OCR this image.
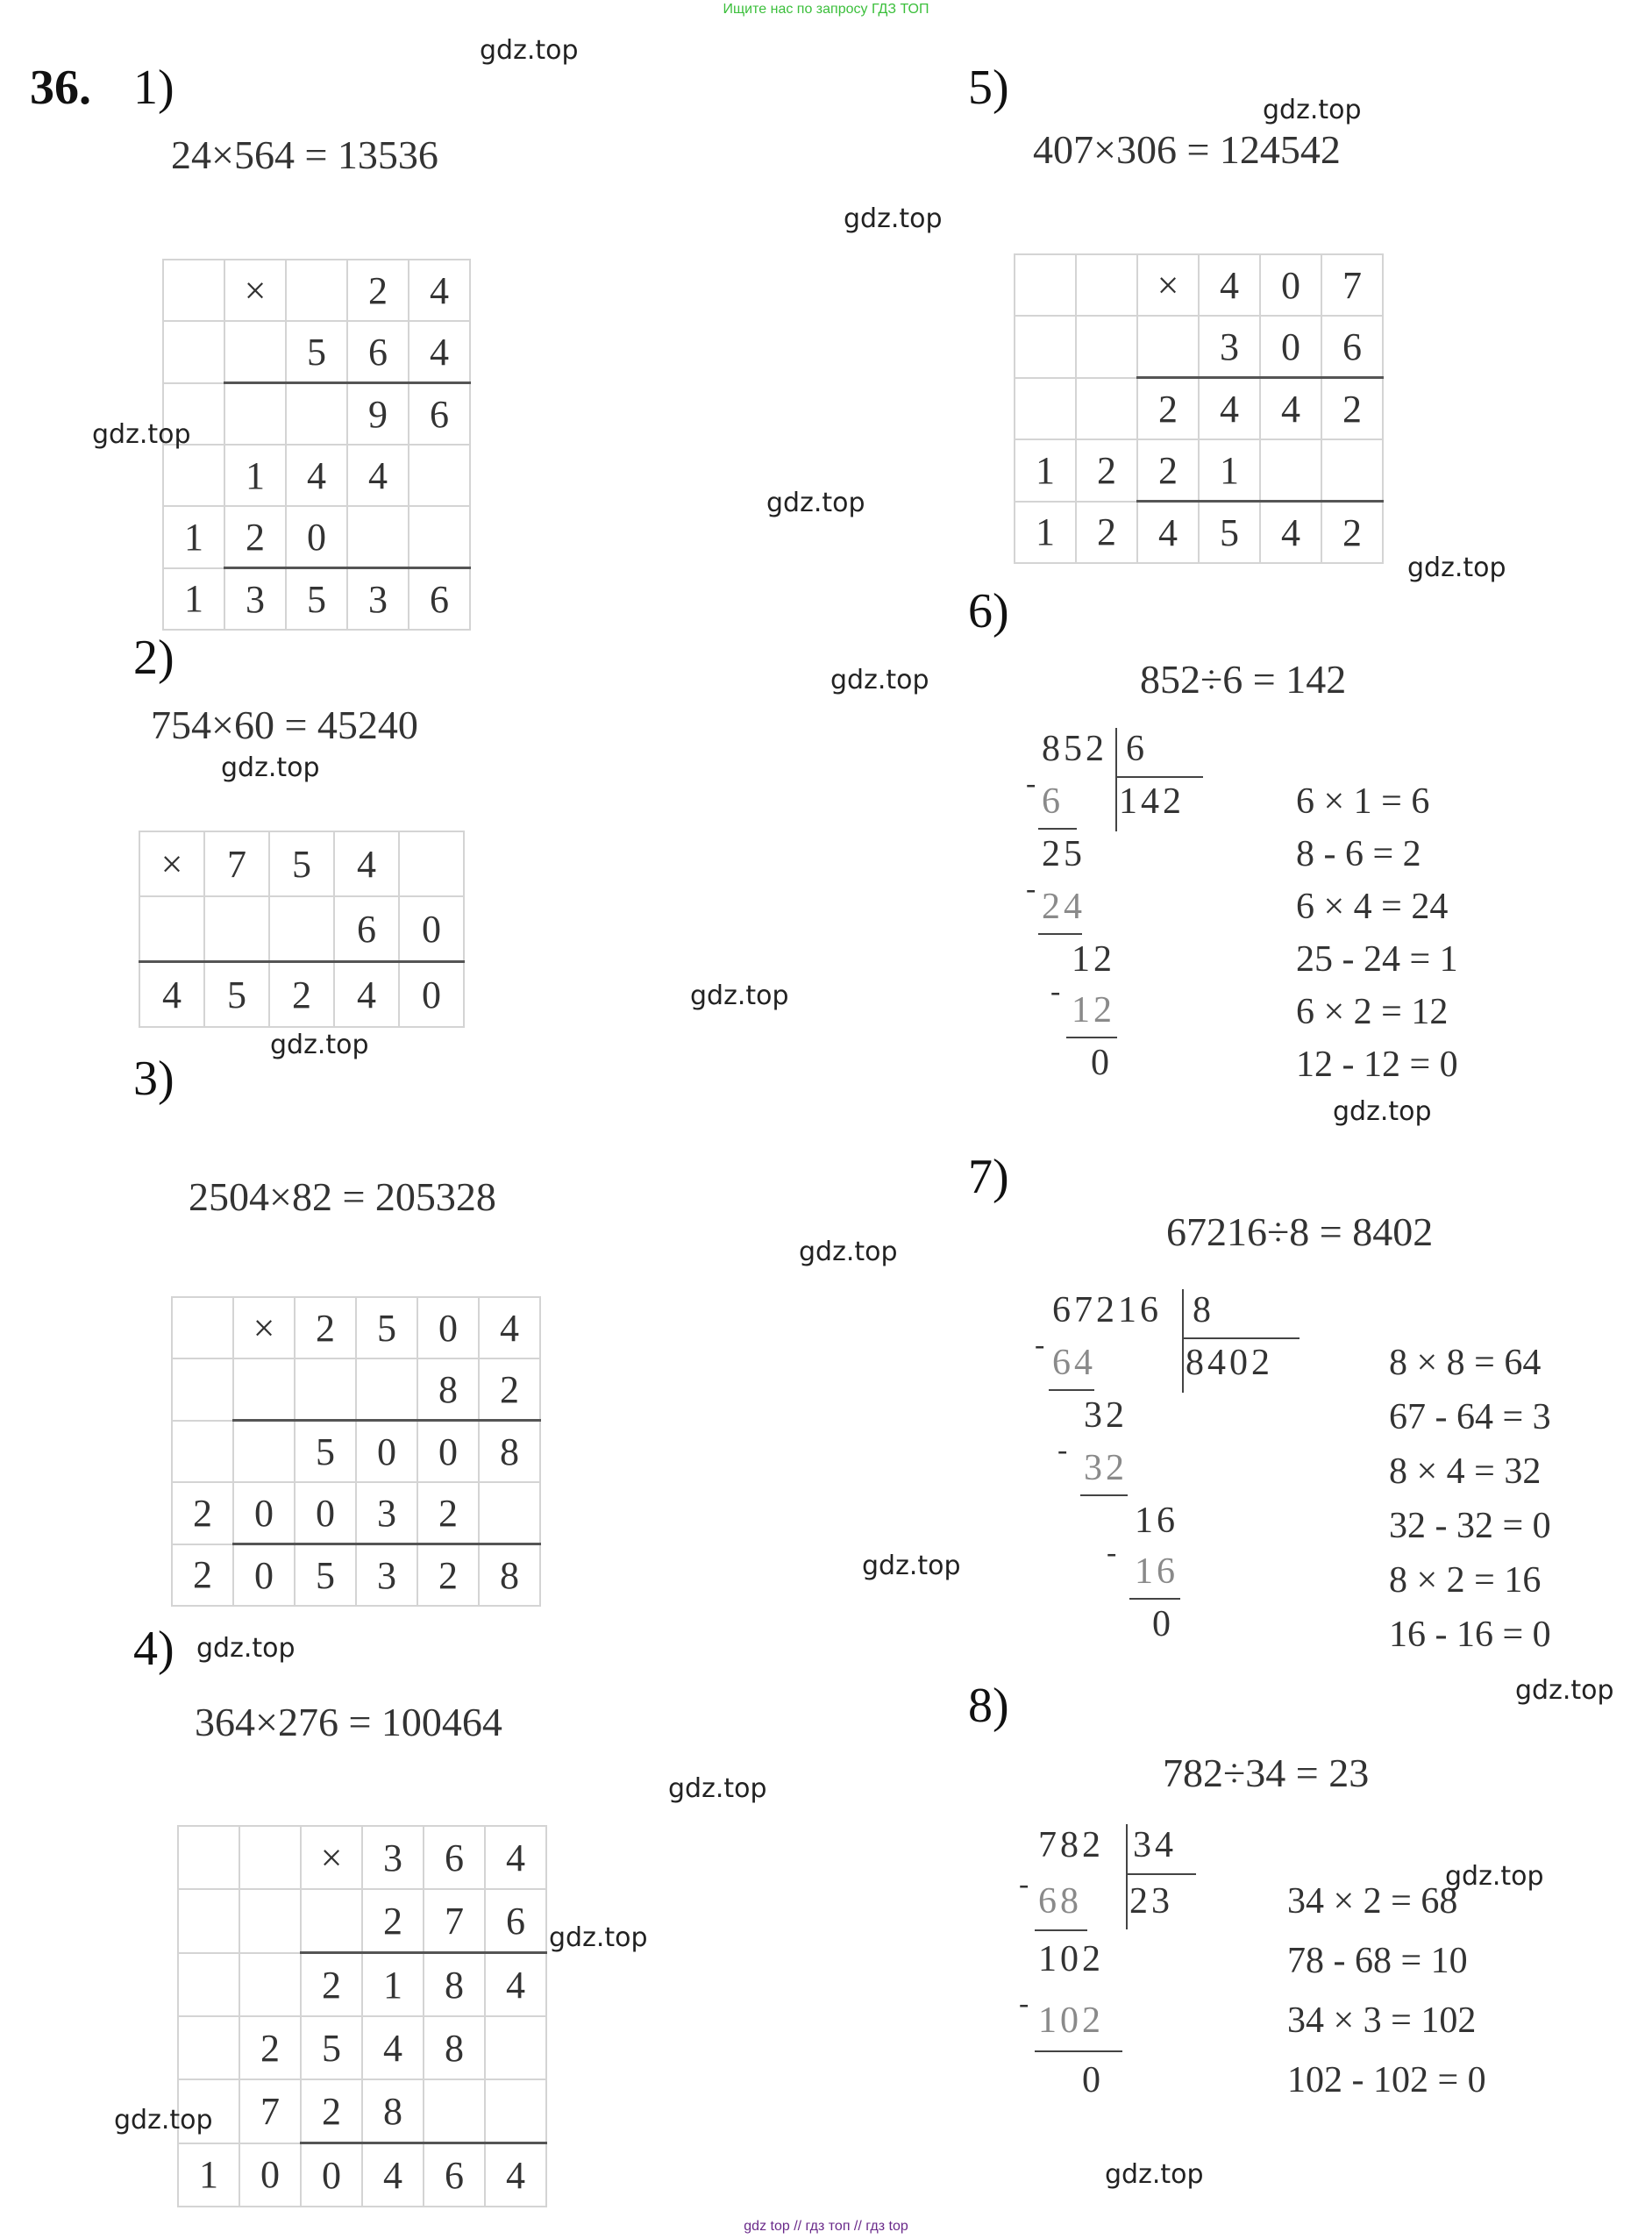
Ищите нас по запросу ГДЗ ТОП
36. 1)
24×564 = 13536
	×		2	4
		5	6	4
			9	6
	1	4	4	
1	2	0		
1	3	5	3	6
2)
754×60 = 45240
×	7	5	4	
			6	0
4	5	2	4	0
3)
2504×82 = 205328
	×	2	5	0	4
				8	2
		5	0	0	8
2	0	0	3	2	
2	0	5	3	2	8
4)
364×276 = 100464
		×	3	6	4
			2	7	6
		2	1	8	4
	2	5	4	8	
	7	2	8		
1	0	0	4	6	4
5)
407×306 = 124542
		×	4	0	7
			3	0	6
		2	4	4	2
1	2	2	1		
1	2	4	5	4	2
6)
852÷6 = 142
852 6
142
- 6
25
- 24
12
- 12
0
6 × 1 = 6
8 - 6 = 2
6 × 4 = 24
25 - 24 = 1
6 × 2 = 12
12 - 12 = 0
7)
67216÷8 = 8402
67216 8
8402
- 64
32
- 32
16
- 16
0
8 × 8 = 64
67 - 64 = 3
8 × 4 = 32
32 - 32 = 0
8 × 2 = 16
16 - 16 = 0
8)
782÷34 = 23
782 34
23
- 68
102
- 102
0
34 × 2 = 68
78 - 68 = 10
34 × 3 = 102
102 - 102 = 0
gdz.top
gdz.top
gdz.top
gdz.top
gdz.top
gdz.top
gdz.top
gdz.top
gdz.top
gdz.top
gdz.top
gdz.top
gdz.top
gdz.top
gdz.top
gdz.top
gdz.top
gdz.top
gdz.top
gdz.top
gdz top // гдз топ // гдз top
